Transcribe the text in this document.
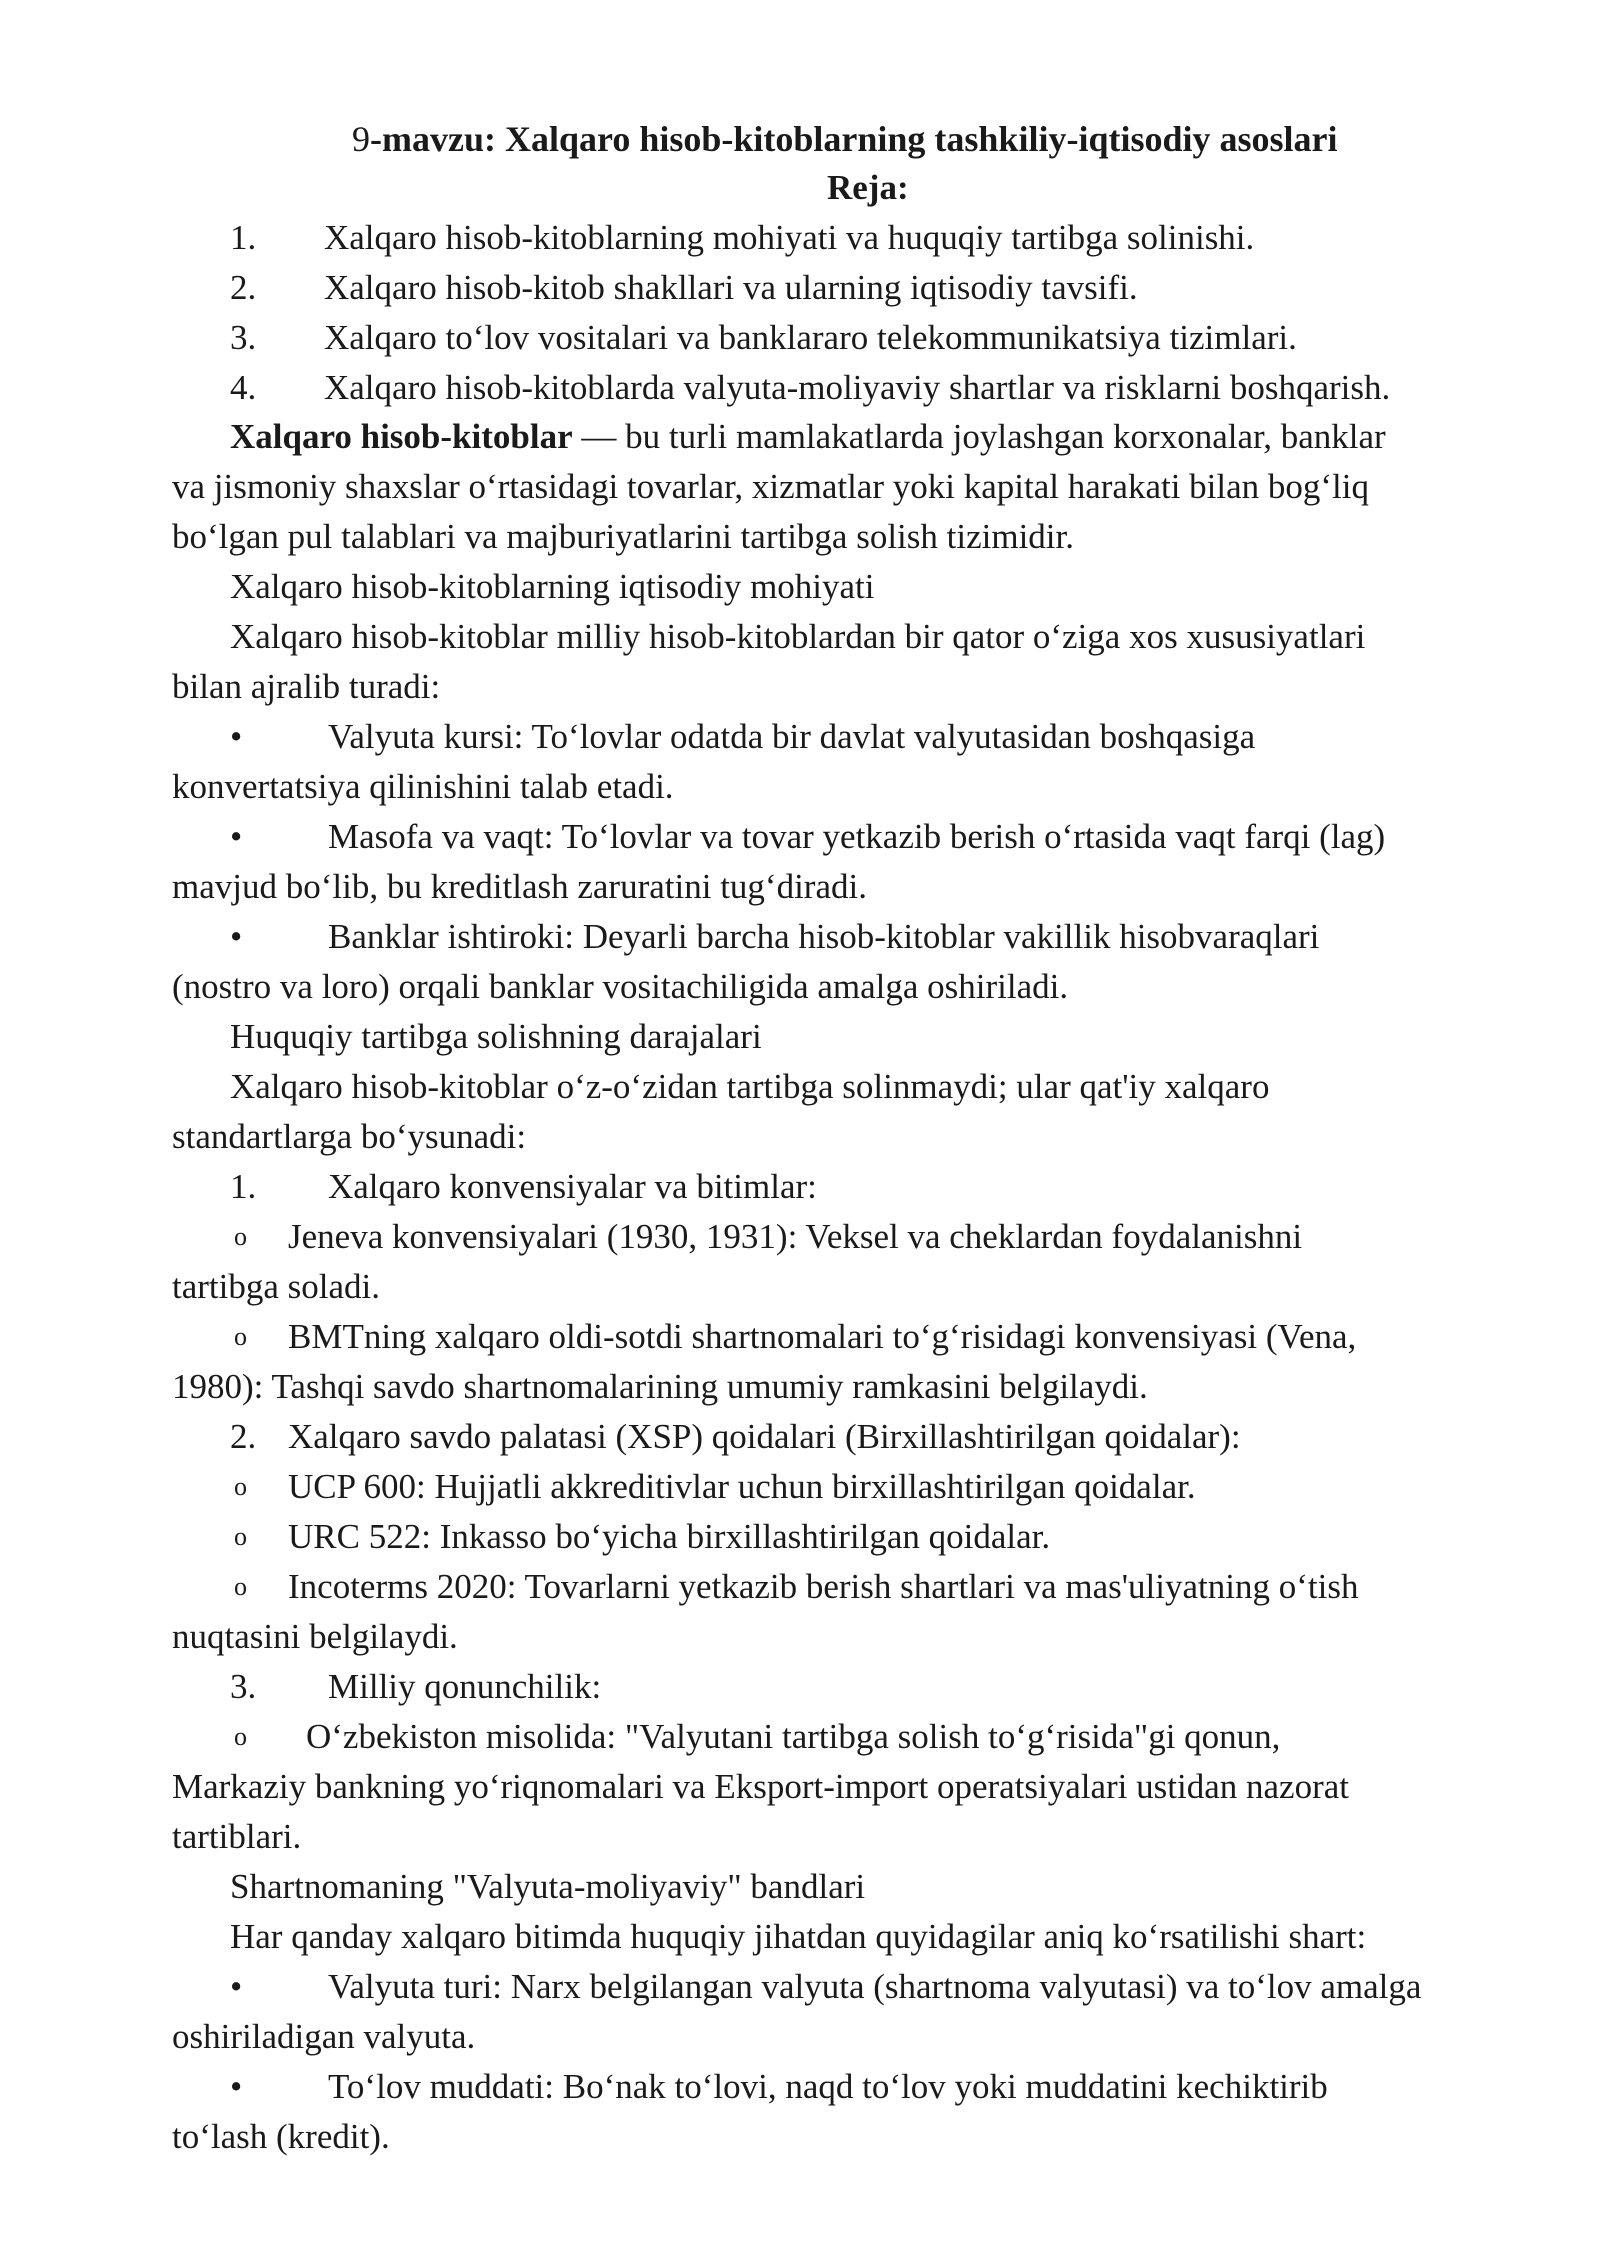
9-mavzu: Xalqaro hisob-kitoblarning tashkiliy-iqtisodiy asoslari
Reja:
1. Xalqaro hisob-kitoblarning mohiyati va huquqiy tartibga solinishi.
2. Xalqaro hisob-kitob shakllari va ularning iqtisodiy tavsifi.
3. Xalqaro to‘lov vositalari va banklararo telekommunikatsiya tizimlari.
4. Xalqaro hisob-kitoblarda valyuta-moliyaviy shartlar va risklarni boshqarish.
Xalqaro hisob-kitoblar — bu turli mamlakatlarda joylashgan korxonalar, banklar
va jismoniy shaxslar o‘rtasidagi tovarlar, xizmatlar yoki kapital harakati bilan bog‘liq
bo‘lgan pul talablari va majburiyatlarini tartibga solish tizimidir.
Xalqaro hisob-kitoblarning iqtisodiy mohiyati
Xalqaro hisob-kitoblar milliy hisob-kitoblardan bir qator o‘ziga xos xususiyatlari
bilan ajralib turadi:
• Valyuta kursi: To‘lovlar odatda bir davlat valyutasidan boshqasiga
konvertatsiya qilinishini talab etadi.
• Masofa va vaqt: To‘lovlar va tovar yetkazib berish o‘rtasida vaqt farqi (lag)
mavjud bo‘lib, bu kreditlash zaruratini tug‘diradi.
• Banklar ishtiroki: Deyarli barcha hisob-kitoblar vakillik hisobvaraqlari
(nostro va loro) orqali banklar vositachiligida amalga oshiriladi.
Huquqiy tartibga solishning darajalari
Xalqaro hisob-kitoblar o‘z-o‘zidan tartibga solinmaydi; ular qat'iy xalqaro
standartlarga bo‘ysunadi:
1. Xalqaro konvensiyalar va bitimlar:
o Jeneva konvensiyalari (1930, 1931): Veksel va cheklardan foydalanishni
tartibga soladi.
o BMTning xalqaro oldi-sotdi shartnomalari to‘g‘risidagi konvensiyasi (Vena,
1980): Tashqi savdo shartnomalarining umumiy ramkasini belgilaydi.
2. Xalqaro savdo palatasi (XSP) qoidalari (Birxillashtirilgan qoidalar):
o UCP 600: Hujjatli akkreditivlar uchun birxillashtirilgan qoidalar.
o URC 522: Inkasso bo‘yicha birxillashtirilgan qoidalar.
o Incoterms 2020: Tovarlarni yetkazib berish shartlari va mas'uliyatning o‘tish
nuqtasini belgilaydi.
3. Milliy qonunchilik:
o O‘zbekiston misolida: "Valyutani tartibga solish to‘g‘risida"gi qonun,
Markaziy bankning yo‘riqnomalari va Eksport-import operatsiyalari ustidan nazorat
tartiblari.
Shartnomaning "Valyuta-moliyaviy" bandlari
Har qanday xalqaro bitimda huquqiy jihatdan quyidagilar aniq ko‘rsatilishi shart:
• Valyuta turi: Narx belgilangan valyuta (shartnoma valyutasi) va to‘lov amalga
oshiriladigan valyuta.
• To‘lov muddati: Bo‘nak to‘lovi, naqd to‘lov yoki muddatini kechiktirib
to‘lash (kredit).
